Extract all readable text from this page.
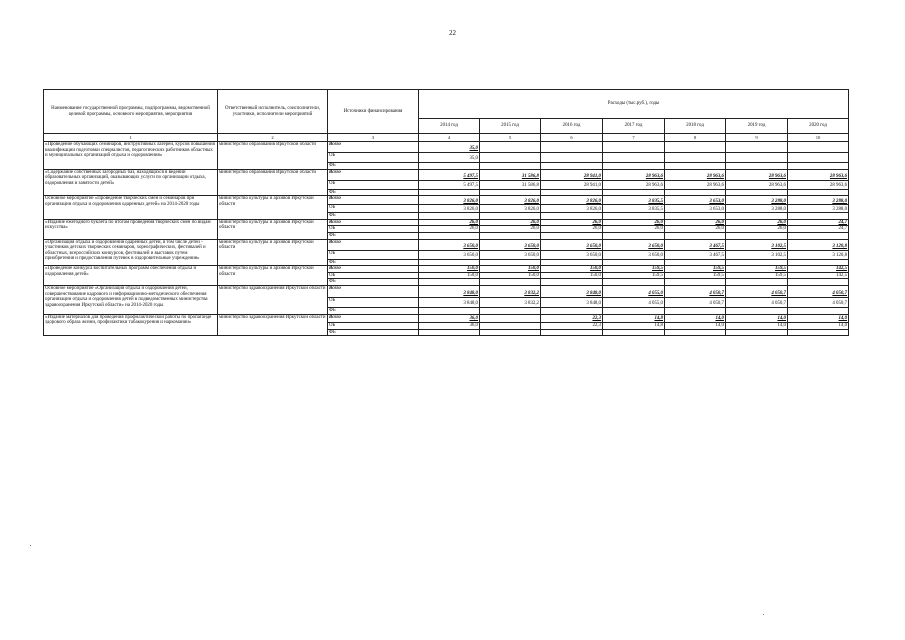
22
Наименование государственной программы, подпрограммы, ведомственной целевой программы, основного мероприятия, мероприятия	Ответственный исполнитель, соисполнители, участники, исполнители мероприятий	Источники финансирования	Расходы (тыс.руб.), годы						
			2014 год	2015 год	2016 год	2017 год	2018 год	2019 год	2020 год
1	2	3	4	5	6	7	8	9	10
«Проведение обучающих семинаров, инструктивных лагерей, курсов повышения квалификации подготовки специалистов, педагогических работников областных и муниципальных организаций отдыха и оздоровления»	министерство образования Иркутской области	Всего	35,0						
		ОБ	35,0						
		ФБ							
«Содержание собственных загородных баз, находящихся в ведении образовательных организаций, оказывающих услуги по организации отдыха, оздоровления и занятости детей»	министерство образования Иркутской области	Всего	5 497,5	31 586,8	28 941,0	28 963,6	28 963,6	28 963,6	28 963,6
		ОБ	5 497,5	31 586,8	28 941,0	28 963,6	28 963,6	28 963,6	28 963,6
		ФБ							
Основное мероприятие «Проведение творческих смен и семинаров при организации отдыха и оздоровления одаренных детей» на 2014-2020 годы	министерство культуры и архивов Иркутской области	Всего	3 826,0	3 826,0	3 826,0	3 835,5	3 653,0	3 288,0	3 288,0
		ОБ	3 826,0	3 826,0	3 826,0	3 835,5	3 653,0	3 288,0	3 288,0
		ФБ							
«Издание ежегодного буклета по итогам проведения творческих смен по видам искусства»	министерство культуры и архивов Иркутской области	Всего	26,0	26,0	26,0	26,0	26,0	26,0	24,7
		ОБ	26,0	26,0	26,0	26,0	26,0	26,0	24,7
		ФБ							
«Организация отдыха и оздоровления одаренных детей, в том числе детей - участников детских творческих семинаров, хореографических, фестивалей и областных, всероссийских конкурсов, фестивалей и выставок путем приобретения и предоставления путевок в оздоровительные учреждения»	министерство культуры и архивов Иркутской области	Всего	3 650,0	3 650,0	3 650,0	3 650,0	3 467,5	3 102,5	3 120,8
		ОБ	3 650,0	3 650,0	3 650,0	3 650,0	3 467,5	3 102,5	3 120,8
		ФБ							
«Проведение конкурса воспитательных программ обеспечения отдыха и оздоровления детей»	министерство культуры и архивов Иркутской области	Всего	150,0	150,0	150,0	159,5	159,5	159,5	142,5
		ОБ	150,0	150,0	150,0	159,5	159,5	159,5	142,5
		ФБ							
Основное мероприятие «Организация отдыха и оздоровления детей, совершенствование кадрового и информационно-методического обеспечения организации отдыха и оздоровления детей в подведомственных министерства здравоохранения Иркутской области» на 2014-2020 годы	министерство здравоохранения Иркутской области	Всего	3 848,0	3 832,2	3 848,0	4 055,0	4 050,7	4 050,7	4 050,7
		ОБ	3 848,0	3 832,2	3 848,0	4 055,0	4 050,7	4 050,7	4 050,7
		ФБ							
«Издание материалов для проведения профилактической работы по пропаганде здорового образа жизни, профилактики табакокурения и наркомании»	министерство здравоохранения Иркутской области	Всего	36,0		22,3	14,8	14,0	14,0	14,0
		ОБ	36,0		22,3	14,8	14,0	14,0	14,0
		ФБ							
